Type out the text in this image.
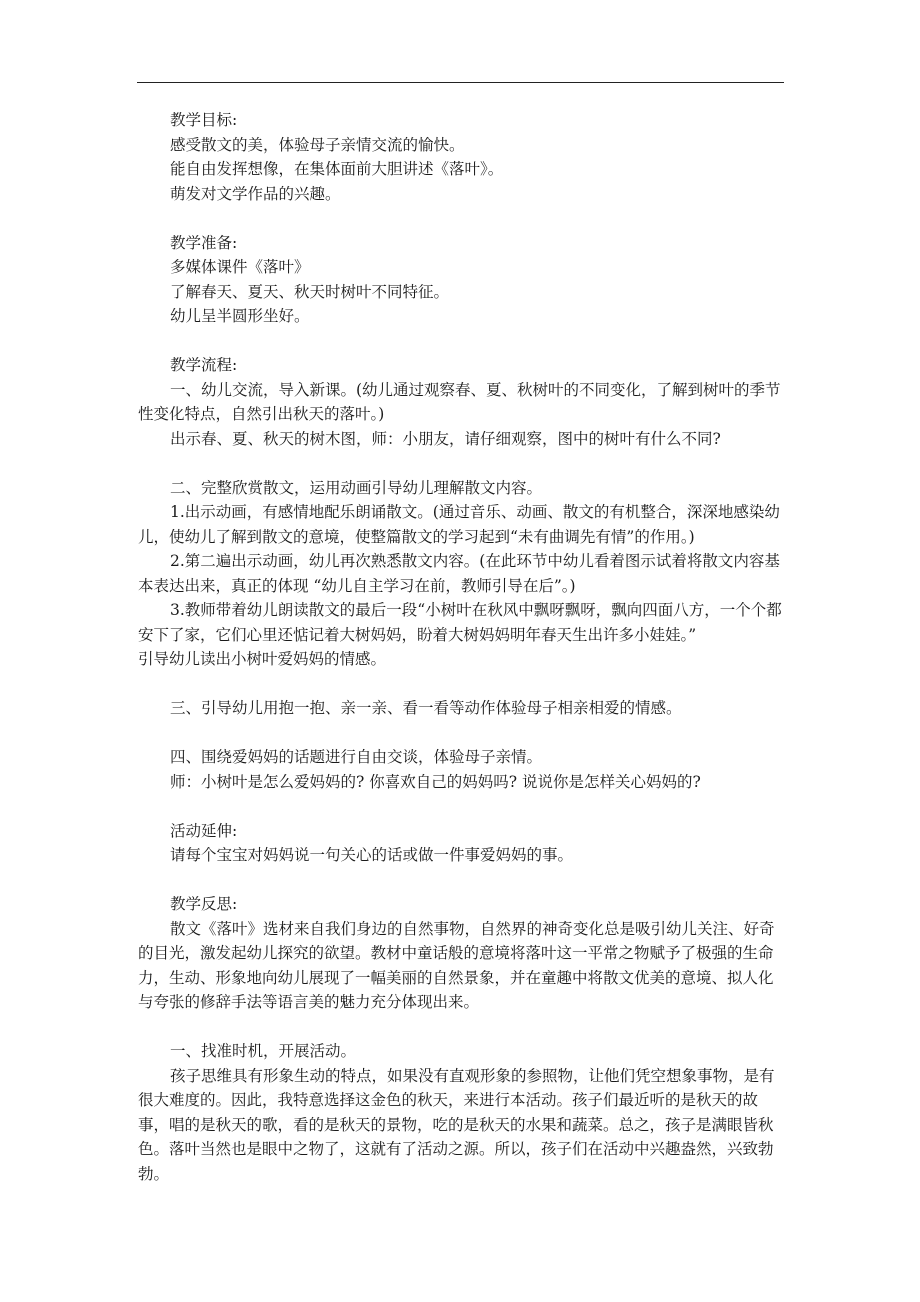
教学目标:

感受散文的美，体验母子亲情交流的愉快。

能自由发挥想像，在集体面前大胆讲述《落叶》。

萌发对文学作品的兴趣。

教学准备:

多媒体课件《落叶》

了解春天、夏天、秋天时树叶不同特征。

幼儿呈半圆形坐好。

教学流程:

一、幼儿交流，导入新课。(幼儿通过观察春、夏、秋树叶的不同变化，了解到树叶的季节性变化特点，自然引出秋天的落叶。)

出示春、夏、秋天的树木图，师：小朋友，请仔细观察，图中的树叶有什么不同?

二、完整欣赏散文，运用动画引导幼儿理解散文内容。

1.出示动画，有感情地配乐朗诵散文。(通过音乐、动画、散文的有机整合，深深地感染幼儿，使幼儿了解到散文的意境，使整篇散文的学习起到“未有曲调先有情”的作用。)

2.第二遍出示动画，幼儿再次熟悉散文内容。(在此环节中幼儿看着图示试着将散文内容基本表达出来，真正的体现 “幼儿自主学习在前，教师引导在后”。)

3.教师带着幼儿朗读散文的最后一段“小树叶在秋风中飘呀飘呀，飘向四面八方，一个个都安下了家，它们心里还惦记着大树妈妈，盼着大树妈妈明年春天生出许多小娃娃。”

引导幼儿读出小树叶爱妈妈的情感。

三、引导幼儿用抱一抱、亲一亲、看一看等动作体验母子相亲相爱的情感。

四、围绕爱妈妈的话题进行自由交谈，体验母子亲情。

师：小树叶是怎么爱妈妈的? 你喜欢自己的妈妈吗? 说说你是怎样关心妈妈的?

活动延伸:

请每个宝宝对妈妈说一句关心的话或做一件事爱妈妈的事。

教学反思:

散文《落叶》选材来自我们身边的自然事物，自然界的神奇变化总是吸引幼儿关注、好奇的目光，激发起幼儿探究的欲望。教材中童话般的意境将落叶这一平常之物赋予了极强的生命力，生动、形象地向幼儿展现了一幅美丽的自然景象，并在童趣中将散文优美的意境、拟人化与夸张的修辞手法等语言美的魅力充分体现出来。

一、找准时机，开展活动。

孩子思维具有形象生动的特点，如果没有直观形象的参照物，让他们凭空想象事物，是有很大难度的。因此，我特意选择这金色的秋天，来进行本活动。孩子们最近听的是秋天的故事，唱的是秋天的歌，看的是秋天的景物，吃的是秋天的水果和蔬菜。总之，孩子是满眼皆秋色。落叶当然也是眼中之物了，这就有了活动之源。所以，孩子们在活动中兴趣盎然，兴致勃勃。
